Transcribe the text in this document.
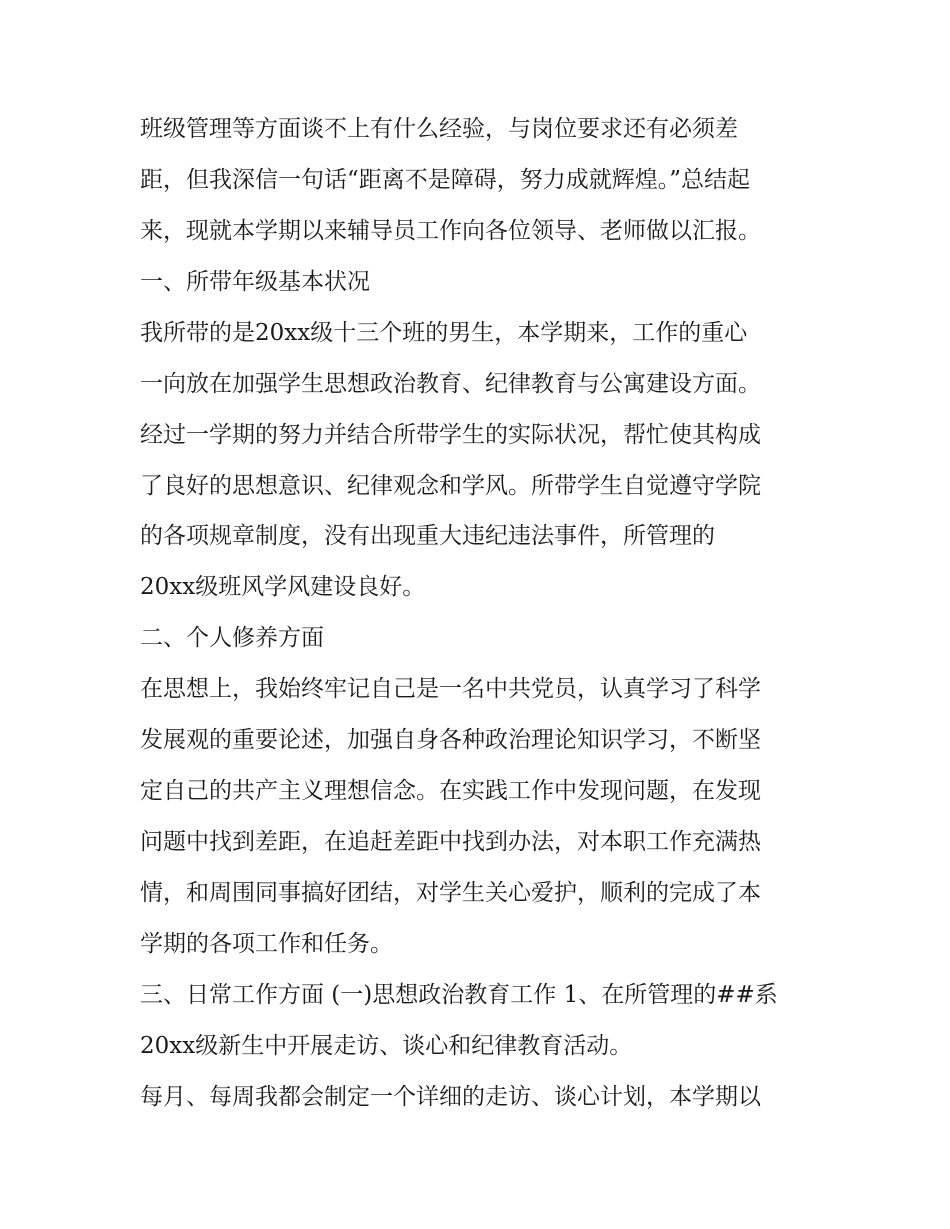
班级管理等方面谈不上有什么经验，与岗位要求还有必须差

距，但我深信一句话“距离不是障碍，努力成就辉煌。”总结起

来，现就本学期以来辅导员工作向各位领导、老师做以汇报。

一、所带年级基本状况

我所带的是20xx级十三个班的男生，本学期来，工作的重心

一向放在加强学生思想政治教育、纪律教育与公寓建设方面。

经过一学期的努力并结合所带学生的实际状况，帮忙使其构成

了良好的思想意识、纪律观念和学风。所带学生自觉遵守学院

的各项规章制度，没有出现重大违纪违法事件，所管理的

20xx级班风学风建设良好。

二、个人修养方面

在思想上，我始终牢记自己是一名中共党员，认真学习了科学

发展观的重要论述，加强自身各种政治理论知识学习，不断坚

定自己的共产主义理想信念。在实践工作中发现问题，在发现

问题中找到差距，在追赶差距中找到办法，对本职工作充满热

情，和周围同事搞好团结，对学生关心爱护，顺利的完成了本

学期的各项工作和任务。

三、日常工作方面 (一)思想政治教育工作 1、在所管理的##系

20xx级新生中开展走访、谈心和纪律教育活动。

每月、每周我都会制定一个详细的走访、谈心计划，本学期以
